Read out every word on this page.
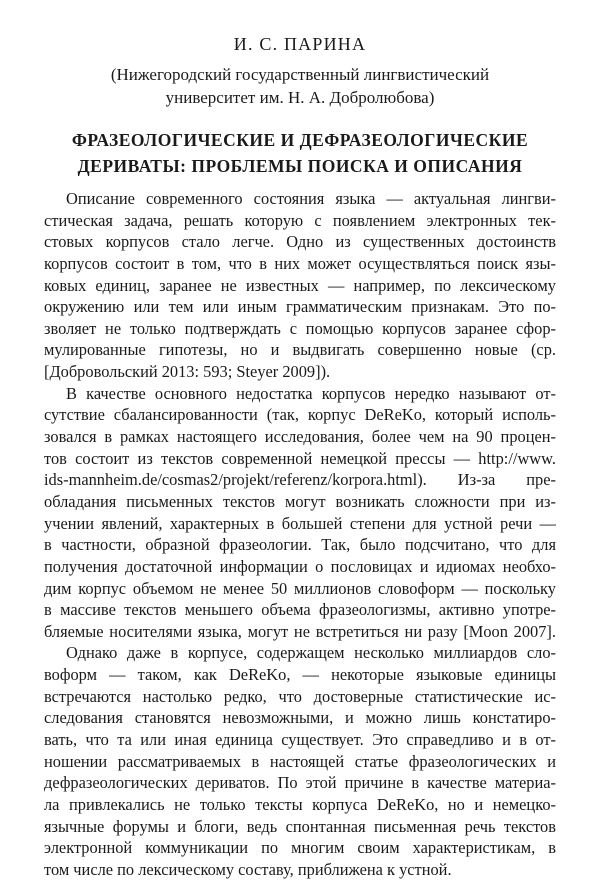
И. С. ПАРИНА
(Нижегородский государственный лингвистический
университет им. Н. А. Добролюбова)
ФРАЗЕОЛОГИЧЕСКИЕ И ДЕФРАЗЕОЛОГИЧЕСКИЕ
ДЕРИВАТЫ: ПРОБЛЕМЫ ПОИСКА И ОПИСАНИЯ
Описание современного состояния языка — актуальная лингви-
стическая задача, решать которую с появлением электронных тек-
стовых корпусов стало легче. Одно из существенных достоинств
корпусов состоит в том, что в них может осуществляться поиск язы-
ковых единиц, заранее не известных — например, по лексическому
окружению или тем или иным грамматическим признакам. Это по-
зволяет не только подтверждать с помощью корпусов заранее сфор-
мулированные гипотезы, но и выдвигать совершенно новые (ср.
[Добровольский 2013: 593; Steyer 2009]).
В качестве основного недостатка корпусов нередко называют от-
сутствие сбалансированности (так, корпус DeReKo, который исполь-
зовался в рамках настоящего исследования, более чем на 90 процен-
тов состоит из текстов современной немецкой прессы — http://www.
ids-mannheim.de/cosmas2/projekt/referenz/korpora.html). Из-за пре-
обладания письменных текстов могут возникать сложности при из-
учении явлений, характерных в большей степени для устной речи —
в частности, образной фразеологии. Так, было подсчитано, что для
получения достаточной информации о пословицах и идиомах необхо-
дим корпус объемом не менее 50 миллионов словоформ — поскольку
в массиве текстов меньшего объема фразеологизмы, активно употре-
бляемые носителями языка, могут не встретиться ни разу [Moon 2007].
Однако даже в корпусе, содержащем несколько миллиардов сло-
воформ — таком, как DeReKo, — некоторые языковые единицы
встречаются настолько редко, что достоверные статистические ис-
следования становятся невозможными, и можно лишь констатиро-
вать, что та или иная единица существует. Это справедливо и в от-
ношении рассматриваемых в настоящей статье фразеологических и
дефразеологических дериватов. По этой причине в качестве материа-
ла привлекались не только тексты корпуса DeReKo, но и немецко-
язычные форумы и блоги, ведь спонтанная письменная речь текстов
электронной коммуникации по многим своим характеристикам, в
том числе по лексическому составу, приближена к устной.
